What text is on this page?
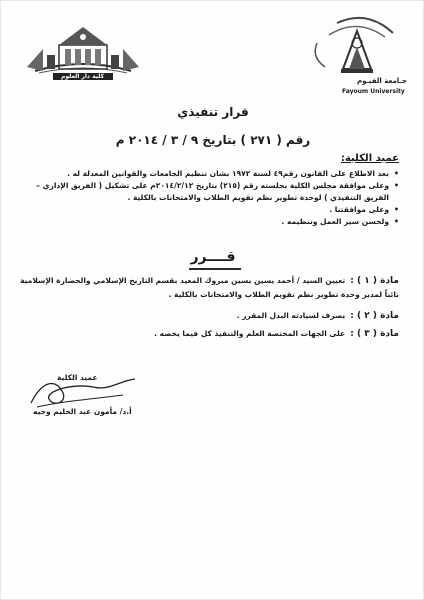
كلية دار العلوم
جـامعة الفيـوم
Fayoum University
قرار تنفيذي
رقم ( ٢٧١ ) بتاريخ ٩ / ٣ / ٢٠١٤ م
عميد الكلية:
•
بعد الاطلاع على القانون رقم٤٩ لسنة ١٩٧٢ بشان تنظيم الجامعات والقوانين المعدلة له .
•
وعلى موافقة مجلس الكلية بجلسته رقم (٢١٥) بتاريخ ٢٠١٤/٢/١٢م على تشكيل ( الفريق الإداري –
الفريق التنفيذي ) لوحدة تطوير نظم تقويم الطلاب والامتحانات بالكلية .
•
وعلى موافقتنا .
•
ولحسن سير العمل وتنظيمه .
قــــرر
مادة ( ١ ) : تعيين السيد / أحمد يسين يسين مبروك المعيد بقسم التاريخ الإسلامي والحضارة الإسلامية
نائباً لمدير وحدة تطوير نظم تقويم الطلاب والامتحانات بالكلية .
مادة ( ٢ ) : يصرف لسيادته البدل المقرر .
مادة ( ٣ ) : على الجهات المختصة العلم والتنفيذ كل فيما يخصه .
عميد الكلية
أ.د/ مأمون عبد الحليم وجيه
